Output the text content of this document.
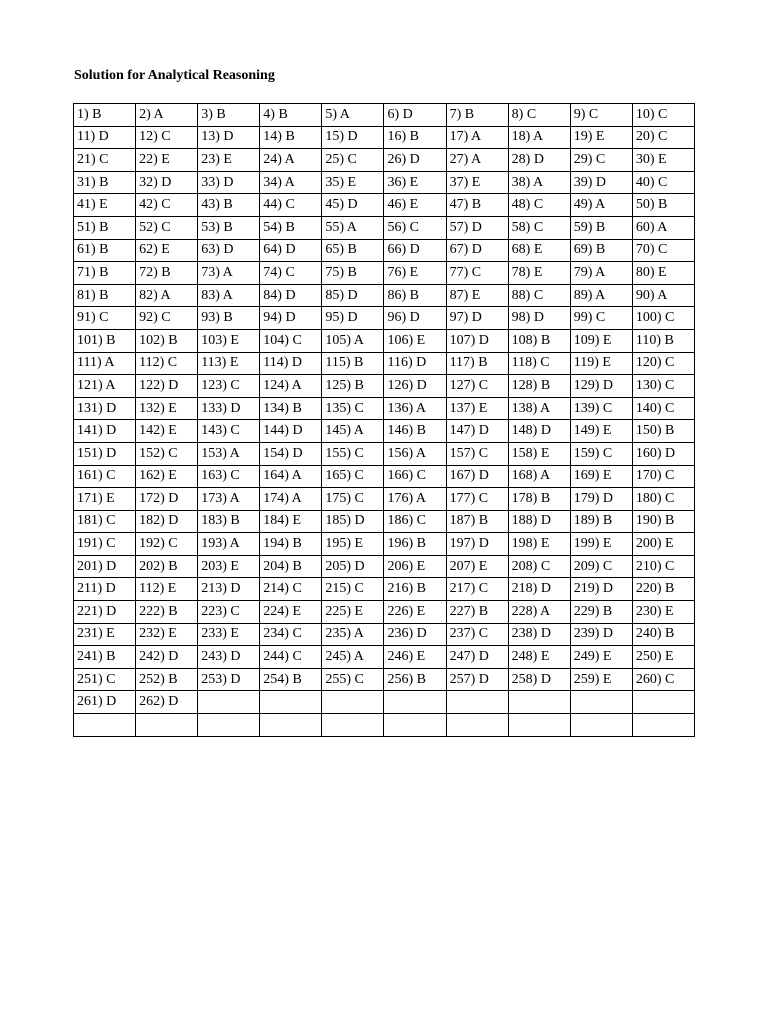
Solution for Analytical Reasoning
1) B	2) A	3) B	4) B	5) A	6) D	7) B	8) C	9) C	10) C
11) D	12) C	13) D	14) B	15) D	16) B	17) A	18) A	19) E	20) C
21) C	22) E	23) E	24) A	25) C	26) D	27) A	28) D	29) C	30) E
31) B	32) D	33) D	34) A	35) E	36) E	37) E	38) A	39) D	40) C
41) E	42) C	43) B	44) C	45) D	46) E	47) B	48) C	49) A	50) B
51) B	52) C	53) B	54) B	55) A	56) C	57) D	58) C	59) B	60) A
61) B	62) E	63) D	64) D	65) B	66) D	67) D	68) E	69) B	70) C
71) B	72) B	73) A	74) C	75) B	76) E	77) C	78) E	79) A	80) E
81) B	82) A	83) A	84) D	85) D	86) B	87) E	88) C	89) A	90) A
91) C	92) C	93) B	94) D	95) D	96) D	97) D	98) D	99) C	100) C
101) B	102) B	103) E	104) C	105) A	106) E	107) D	108) B	109) E	110) B
111) A	112) C	113) E	114) D	115) B	116) D	117) B	118) C	119) E	120) C
121) A	122) D	123) C	124) A	125) B	126) D	127) C	128) B	129) D	130) C
131) D	132) E	133) D	134) B	135) C	136) A	137) E	138) A	139) C	140) C
141) D	142) E	143) C	144) D	145) A	146) B	147) D	148) D	149) E	150) B
151) D	152) C	153) A	154) D	155) C	156) A	157) C	158) E	159) C	160) D
161) C	162) E	163) C	164) A	165) C	166) C	167) D	168) A	169) E	170) C
171) E	172) D	173) A	174) A	175) C	176) A	177) C	178) B	179) D	180) C
181) C	182) D	183) B	184) E	185) D	186) C	187) B	188) D	189) B	190) B
191) C	192) C	193) A	194) B	195) E	196) B	197) D	198) E	199) E	200) E
201) D	202) B	203) E	204) B	205) D	206) E	207) E	208) C	209) C	210) C
211) D	112) E	213) D	214) C	215) C	216) B	217) C	218) D	219) D	220) B
221) D	222) B	223) C	224) E	225) E	226) E	227) B	228) A	229) B	230) E
231) E	232) E	233) E	234) C	235) A	236) D	237) C	238) D	239) D	240) B
241) B	242) D	243) D	244) C	245) A	246) E	247) D	248) E	249) E	250) E
251) C	252) B	253) D	254) B	255) C	256) B	257) D	258) D	259) E	260) C
261) D	262) D								
